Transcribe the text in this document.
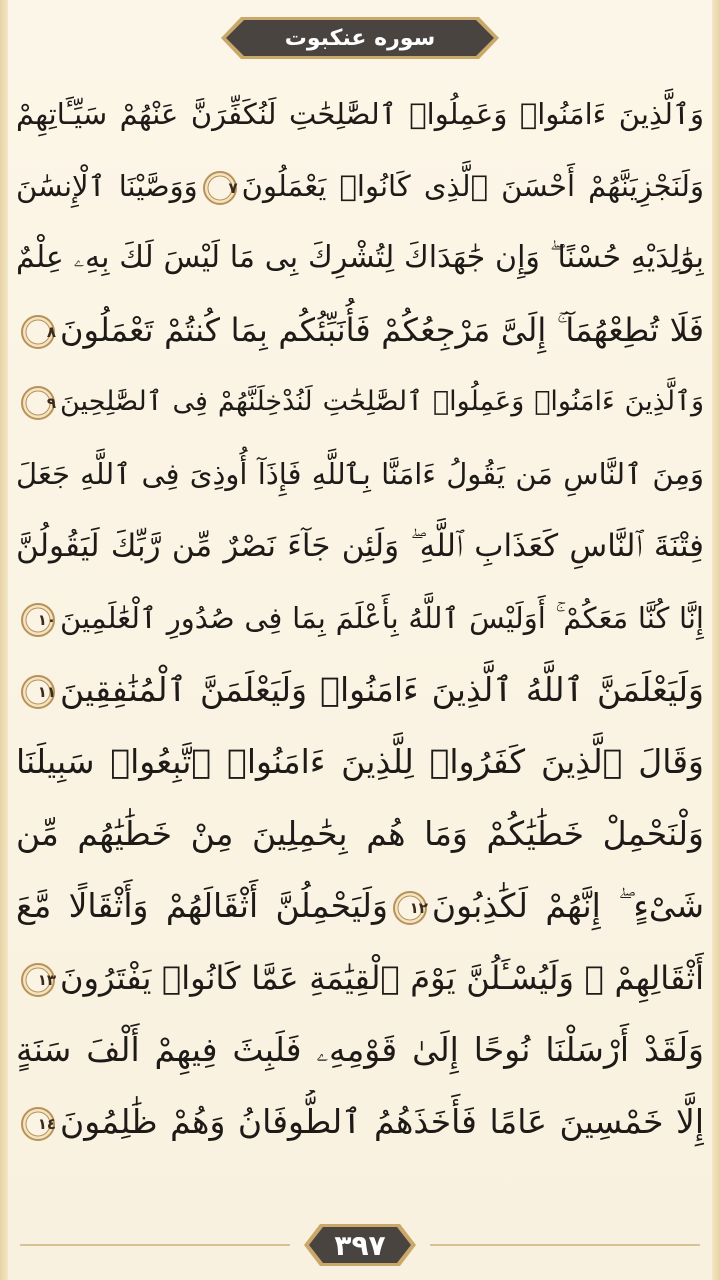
سوره عنکبوت
وَٱلَّذِينَ ءَامَنُوا۟ وَعَمِلُوا۟ ٱلصَّٰلِحَٰتِ لَنُكَفِّرَنَّ عَنْهُمْ سَيِّـَٔاتِهِمْ
وَلَنَجْزِيَنَّهُمْ أَحْسَنَ ٱلَّذِى كَانُوا۟ يَعْمَلُونَ
٧
وَوَصَّيْنَا ٱلْإِنسَٰنَ
بِوَٰلِدَيْهِ حُسْنًا ۖ وَإِن جَٰهَدَاكَ لِتُشْرِكَ بِى مَا لَيْسَ لَكَ بِهِۦ عِلْمٌ
فَلَا تُطِعْهُمَآ ۚ إِلَىَّ مَرْجِعُكُمْ فَأُنَبِّئُكُم بِمَا كُنتُمْ تَعْمَلُونَ
٨
وَٱلَّذِينَ ءَامَنُوا۟ وَعَمِلُوا۟ ٱلصَّٰلِحَٰتِ لَنُدْخِلَنَّهُمْ فِى ٱلصَّٰلِحِينَ
٩
وَمِنَ ٱلنَّاسِ مَن يَقُولُ ءَامَنَّا بِٱللَّهِ فَإِذَآ أُوذِىَ فِى ٱللَّهِ جَعَلَ
فِتْنَةَ ٱلنَّاسِ كَعَذَابِ ٱللَّهِ ۖ وَلَئِن جَآءَ نَصْرٌ مِّن رَّبِّكَ لَيَقُولُنَّ
إِنَّا كُنَّا مَعَكُمْ ۚ أَوَلَيْسَ ٱللَّهُ بِأَعْلَمَ بِمَا فِى صُدُورِ ٱلْعَٰلَمِينَ
١٠
وَلَيَعْلَمَنَّ ٱللَّهُ ٱلَّذِينَ ءَامَنُوا۟ وَلَيَعْلَمَنَّ ٱلْمُنَٰفِقِينَ
١١
وَقَالَ ٱلَّذِينَ كَفَرُوا۟ لِلَّذِينَ ءَامَنُوا۟ ٱتَّبِعُوا۟ سَبِيلَنَا
وَلْنَحْمِلْ خَطَٰيَٰكُمْ وَمَا هُم بِحَٰمِلِينَ مِنْ خَطَٰيَٰهُم مِّن
شَىْءٍ ۖ إِنَّهُمْ لَكَٰذِبُونَ
١٢
وَلَيَحْمِلُنَّ أَثْقَالَهُمْ وَأَثْقَالًا مَّعَ
أَثْقَالِهِمْ ۖ وَلَيُسْـَٔلُنَّ يَوْمَ ٱلْقِيَٰمَةِ عَمَّا كَانُوا۟ يَفْتَرُونَ
١٣
وَلَقَدْ أَرْسَلْنَا نُوحًا إِلَىٰ قَوْمِهِۦ فَلَبِثَ فِيهِمْ أَلْفَ سَنَةٍ
إِلَّا خَمْسِينَ عَامًا فَأَخَذَهُمُ ٱلطُّوفَانُ وَهُمْ ظَٰلِمُونَ
١٤
٣٩٧
